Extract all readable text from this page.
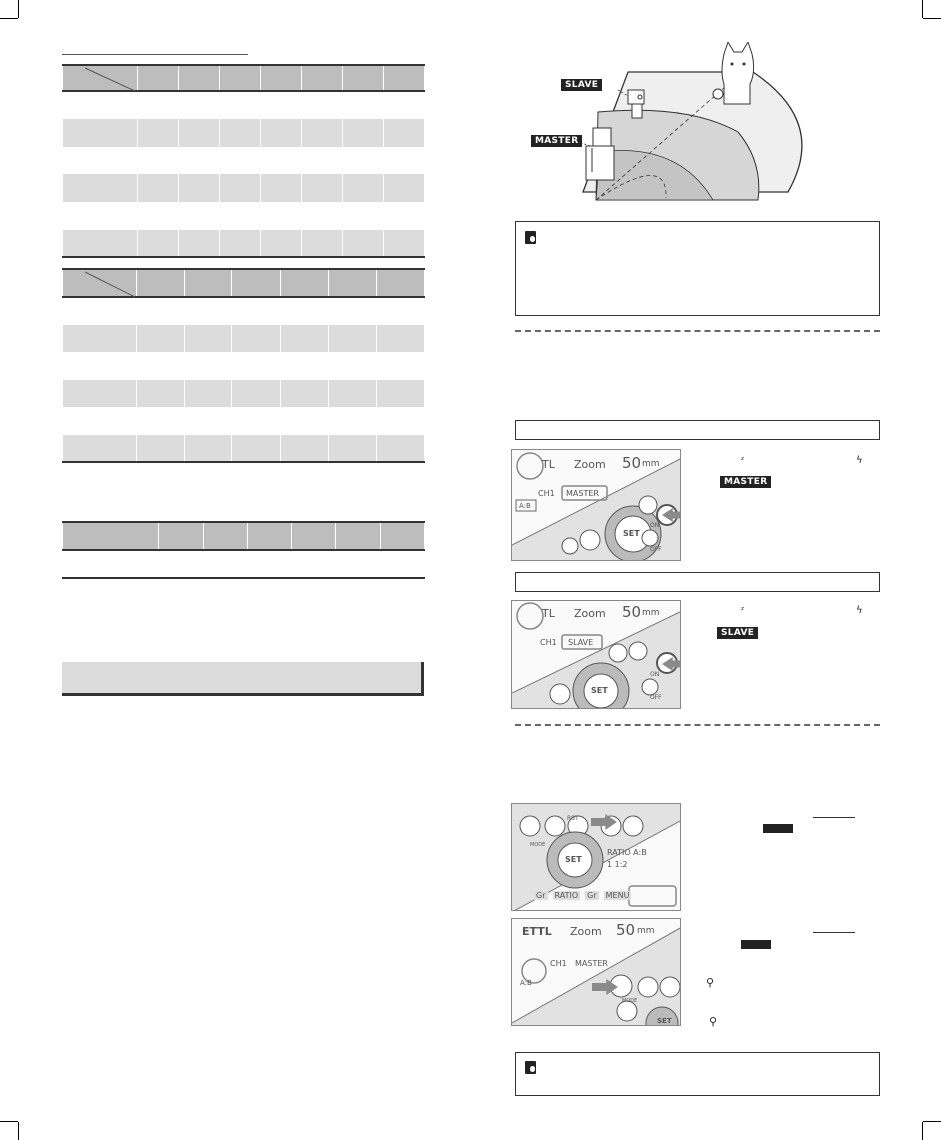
SLAVE
MASTER
TL Zoom 50 mm
CH1 MASTER
A:B
SET
ON
OFF
MASTER
ᶻ	ϟ
TL Zoom 50 mm
CH1 SLAVE
SET
ON
OFF
SLAVE
ᶻ	ϟ
RST
MODE
SET
RATIO A:B
1 1:2
Gr RATIO Gr MENU
ETTL Zoom 50 mm
CH1 MASTER
A:B
MODE
SET
⚲
⚲
